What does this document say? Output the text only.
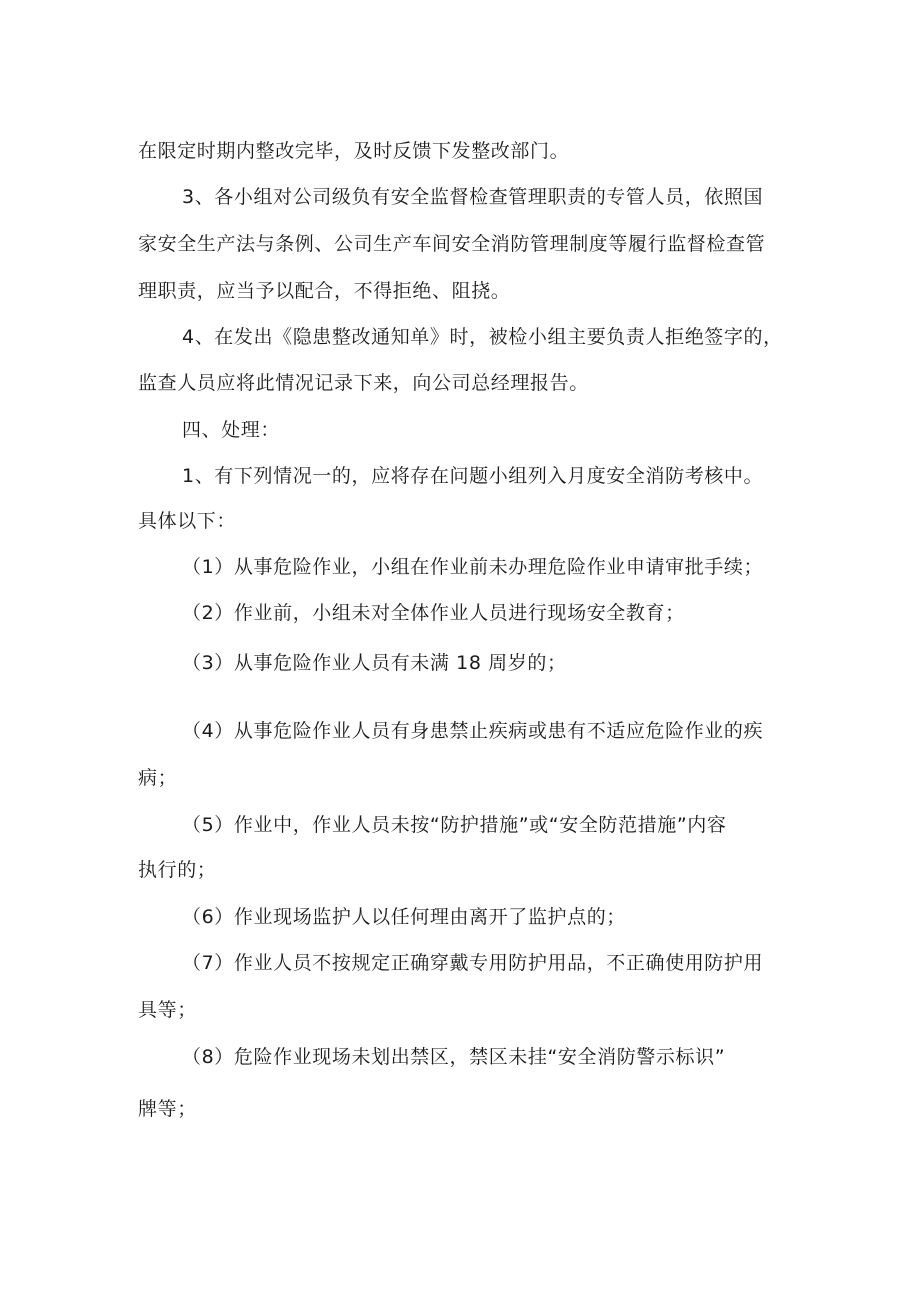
在限定时期内整改完毕，及时反馈下发整改部门。
3、各小组对公司级负有安全监督检查管理职责的专管人员，依照国
家安全生产法与条例、公司生产车间安全消防管理制度等履行监督检查管
理职责，应当予以配合，不得拒绝、阻挠。
4、在发出《隐患整改通知单》时，被检小组主要负责人拒绝签字的，
监查人员应将此情况记录下来，向公司总经理报告。
四、处理：
1、有下列情况一的，应将存在问题小组列入月度安全消防考核中。
具体以下：
（1）从事危险作业，小组在作业前未办理危险作业申请审批手续；
（2）作业前，小组未对全体作业人员进行现场安全教育；
（3）从事危险作业人员有未满 18 周岁的；
（4）从事危险作业人员有身患禁止疾病或患有不适应危险作业的疾
病；
（5）作业中，作业人员未按“防护措施”或“安全防范措施”内容
执行的；
（6）作业现场监护人以任何理由离开了监护点的；
（7）作业人员不按规定正确穿戴专用防护用品，不正确使用防护用
具等；
（8）危险作业现场未划出禁区，禁区未挂“安全消防警示标识”
牌等；
